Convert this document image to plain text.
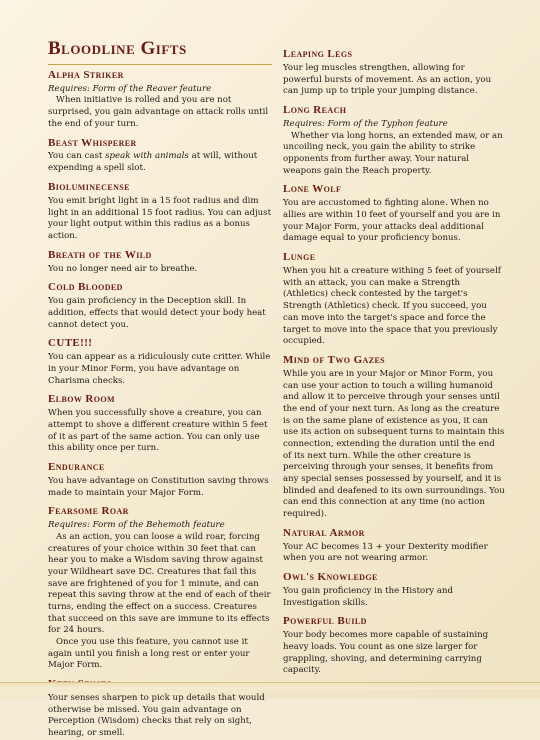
Bloodline Gifts
Alpha Striker
Requires: Form of the Reaver feature
When initiative is rolled and you are not surprised, you gain advantage on attack rolls until the end of your turn.
Beast Whisperer
You can cast speak with animals at will, without expending a spell slot.
Bioluminecense
You emit bright light in a 15 foot radius and dim light in an additional 15 foot radius. You can adjust your light output within this radius as a bonus action.
Breath of the Wild
You no longer need air to breathe.
Cold Blooded
You gain proficiency in the Deception skill. In addition, effects that would detect your body heat cannot detect you.
CUTE!!!
You can appear as a ridiculously cute critter. While in your Minor Form, you have advantage on Charisma checks.
Elbow Room
When you successfully shove a creature, you can attempt to shove a different creature within 5 feet of it as part of the same action. You can only use this ability once per turn.
Endurance
You have advantage on Constitution saving throws made to maintain your Major Form.
Fearsome Roar
Requires: Form of the Behemoth feature
As an action, you can loose a wild roar, forcing creatures of your choice within 30 feet that can hear you to make a Wisdom saving throw against your Wildheart save DC. Creatures that fail this save are frightened of you for 1 minute, and can repeat this saving throw at the end of each of their turns, ending the effect on a success. Creatures that succeed on this save are immune to its effects for 24 hours.
Once you use this feature, you cannot use it again until you finish a long rest or enter your Major Form.
Your senses sharpen to pick up details that would otherwise be missed. You gain advantage on Perception (Wisdom) checks that rely on sight, hearing, or smell.
Leaping Legs
Your leg muscles strengthen, allowing for powerful bursts of movement. As an action, you can jump up to triple your jumping distance.
Long Reach
Requires: Form of the Typhon feature
Whether via long horns, an extended maw, or an uncoiling neck, you gain the ability to strike opponents from further away. Your natural weapons gain the Reach property.
Lone Wolf
You are accustomed to fighting alone. When no allies are within 10 feet of yourself and you are in your Major Form, your attacks deal additional damage equal to your proficiency bonus.
Lunge
When you hit a creature withing 5 feet of yourself with an attack, you can make a Strength (Athletics) check contested by the target's Strength (Athletics) check. If you succeed, you can move into the target's space and force the target to move into the space that you previously occupied.
Mind of Two Gazes
While you are in your Major or Minor Form, you can use your action to touch a willing humanoid and allow it to perceive through your senses until the end of your next turn. As long as the creature is on the same plane of existence as you, it can use its action on subsequent turns to maintain this connection, extending the duration until the end of its next turn. While the other creature is perceiving through your senses, it benefits from any special senses possessed by yourself, and it is blinded and deafened to its own surroundings. You can end this connection at any time (no action required).
Natural Armor
Your AC becomes 13 + your Dexterity modifier when you are not wearing armor.
Owl's Knowledge
You gain proficiency in the History and Investigation skills.
Powerful Build
Your body becomes more capable of sustaining heavy loads. You count as one size larger for grappling, shoving, and determining carrying capacity.
